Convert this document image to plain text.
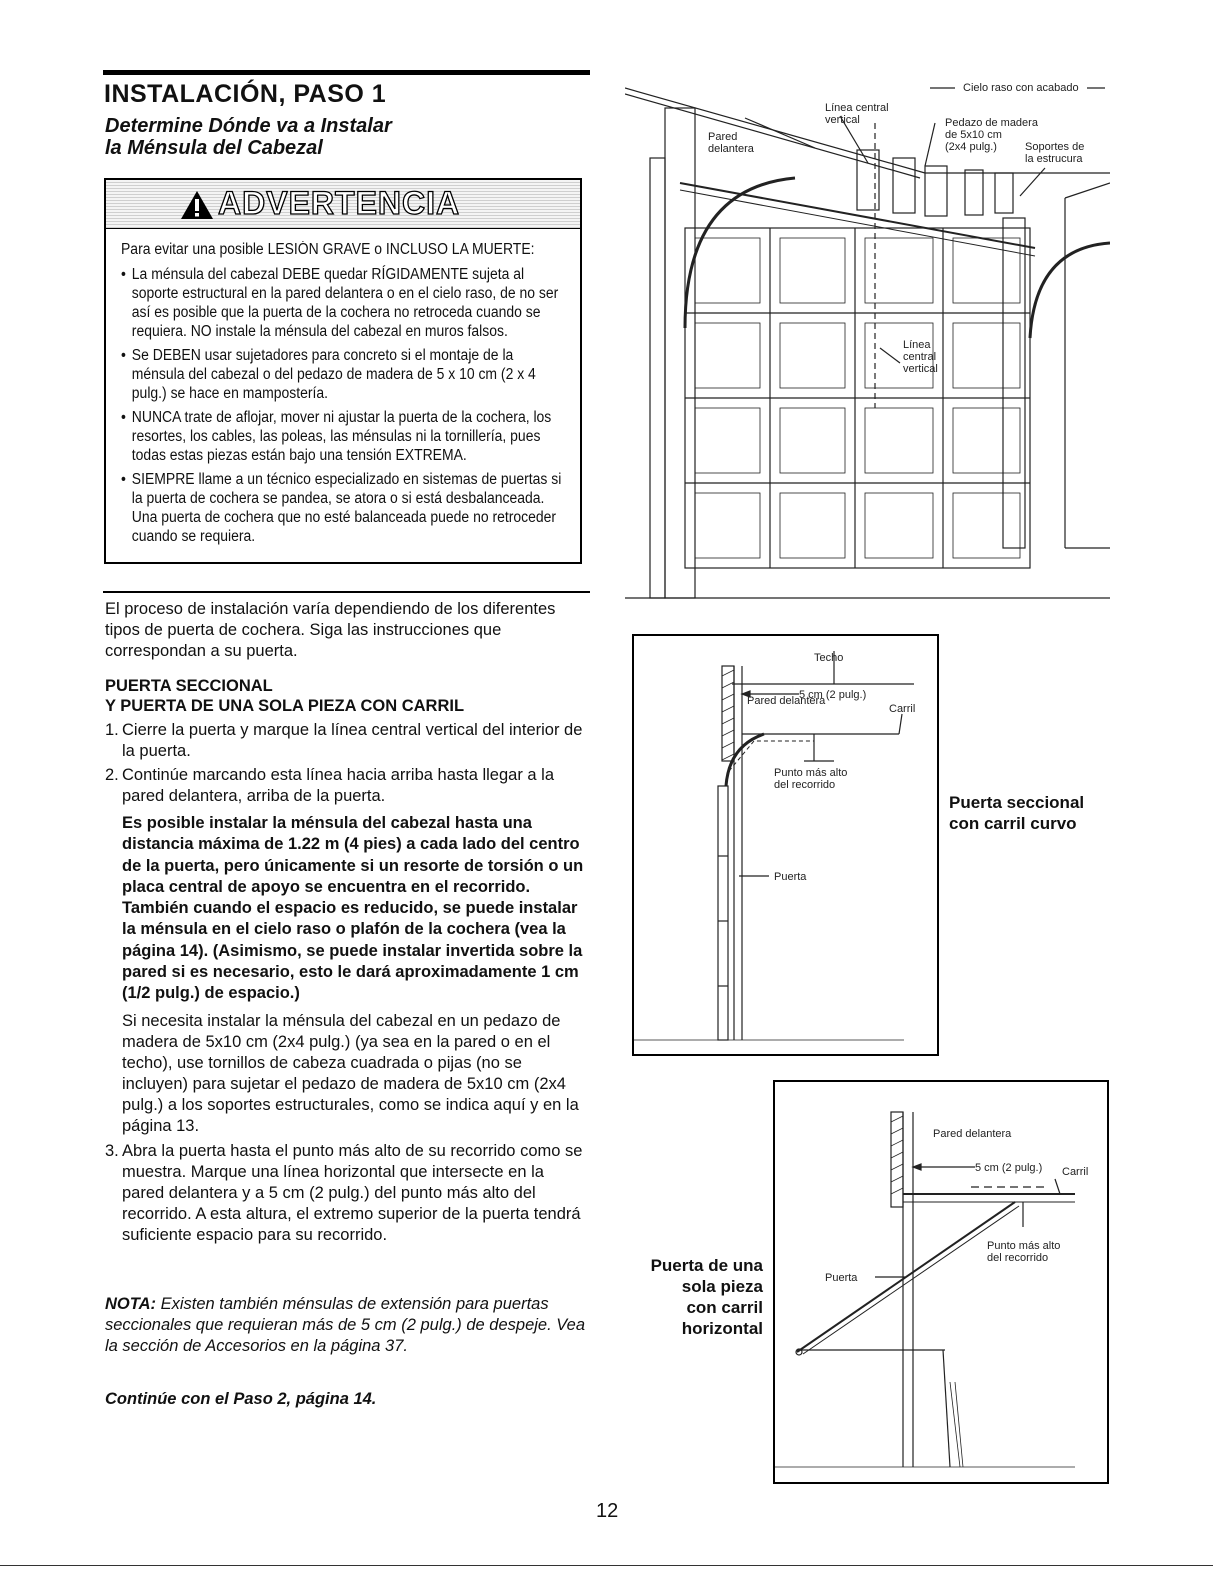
INSTALACIÓN, PASO 1
Determine Dónde va a Instalar
la Ménsula del Cabezal
ADVERTENCIA

Para evitar una posible LESIÓN GRAVE o INCLUSO LA MUERTE:

• La ménsula del cabezal DEBE quedar RÍGIDAMENTE sujeta al soporte estructural en la pared delantera o en el cielo raso, de no ser así es posible que la puerta de la cochera no retroceda cuando se requiera. NO instale la ménsula del cabezal en muros falsos.
• Se DEBEN usar sujetadores para concreto si el montaje de la ménsula del cabezal o del pedazo de madera de 5 x 10 cm (2 x 4 pulg.) se hace en mampostería.
• NUNCA trate de aflojar, mover ni ajustar la puerta de la cochera, los resortes, los cables, las poleas, las ménsulas ni la tornillería, pues todas estas piezas están bajo una tensión EXTREMA.
• SIEMPRE llame a un técnico especializado en sistemas de puertas si la puerta de cochera se pandea, se atora o si está desbalanceada. Una puerta de cochera que no esté balanceada puede no retroceder cuando se requiera.
El proceso de instalación varía dependiendo de los diferentes tipos de puerta de cochera. Siga las instrucciones que correspondan a su puerta.
PUERTA SECCIONAL
Y PUERTA DE UNA SOLA PIEZA CON CARRIL
1. Cierre la puerta y marque la línea central vertical del interior de la puerta.
2. Continúe marcando esta línea hacia arriba hasta llegar a la pared delantera, arriba de la puerta.
Es posible instalar la ménsula del cabezal hasta una distancia máxima de 1.22 m (4 pies) a cada lado del centro de la puerta, pero únicamente si un resorte de torsión o un placa central de apoyo se encuentra en el recorrido. También cuando el espacio es reducido, se puede instalar la ménsula en el cielo raso o plafón de la cochera (vea la página 14). (Asimismo, se puede instalar invertida sobre la pared si es necesario, esto le dará aproximadamente 1 cm (1/2 pulg.) de espacio.)
Si necesita instalar la ménsula del cabezal en un pedazo de madera de 5x10 cm (2x4 pulg.) (ya sea en la pared o en el techo), use tornillos de cabeza cuadrada o pijas (no se incluyen) para sujetar el pedazo de madera de 5x10 cm (2x4 pulg.) a los soportes estructurales, como se indica aquí y en la página 13.
3. Abra la puerta hasta el punto más alto de su recorrido como se muestra. Marque una línea horizontal que intersecte en la pared delantera y a 5 cm (2 pulg.) del punto más alto del recorrido. A esta altura, el extremo superior de la puerta tendrá suficiente espacio para su recorrido.
NOTA: Existen también ménsulas de extensión para puertas seccionales que requieran más de 5 cm (2 pulg.) de despeje. Vea la sección de Accesorios en la página 37.
Continúe con el Paso 2, página 14.
12
Cielo raso con acabado
Línea central
vertical	Pedazo de madera
de 5x10 cm
(2x4 pulg.)	Soportes de
la estrucura
Pared
delantera
Línea
central
vertical
Techo
Pared delantera
5 cm (2 pulg.)
Carril
Punto más alto
del recorrido
Puerta
Puerta seccional
con carril curvo
Pared delantera
5 cm (2 pulg.) Carril
Punto más alto
del recorrido
Puerta
Puerta de una
sola pieza
con carril
horizontal
